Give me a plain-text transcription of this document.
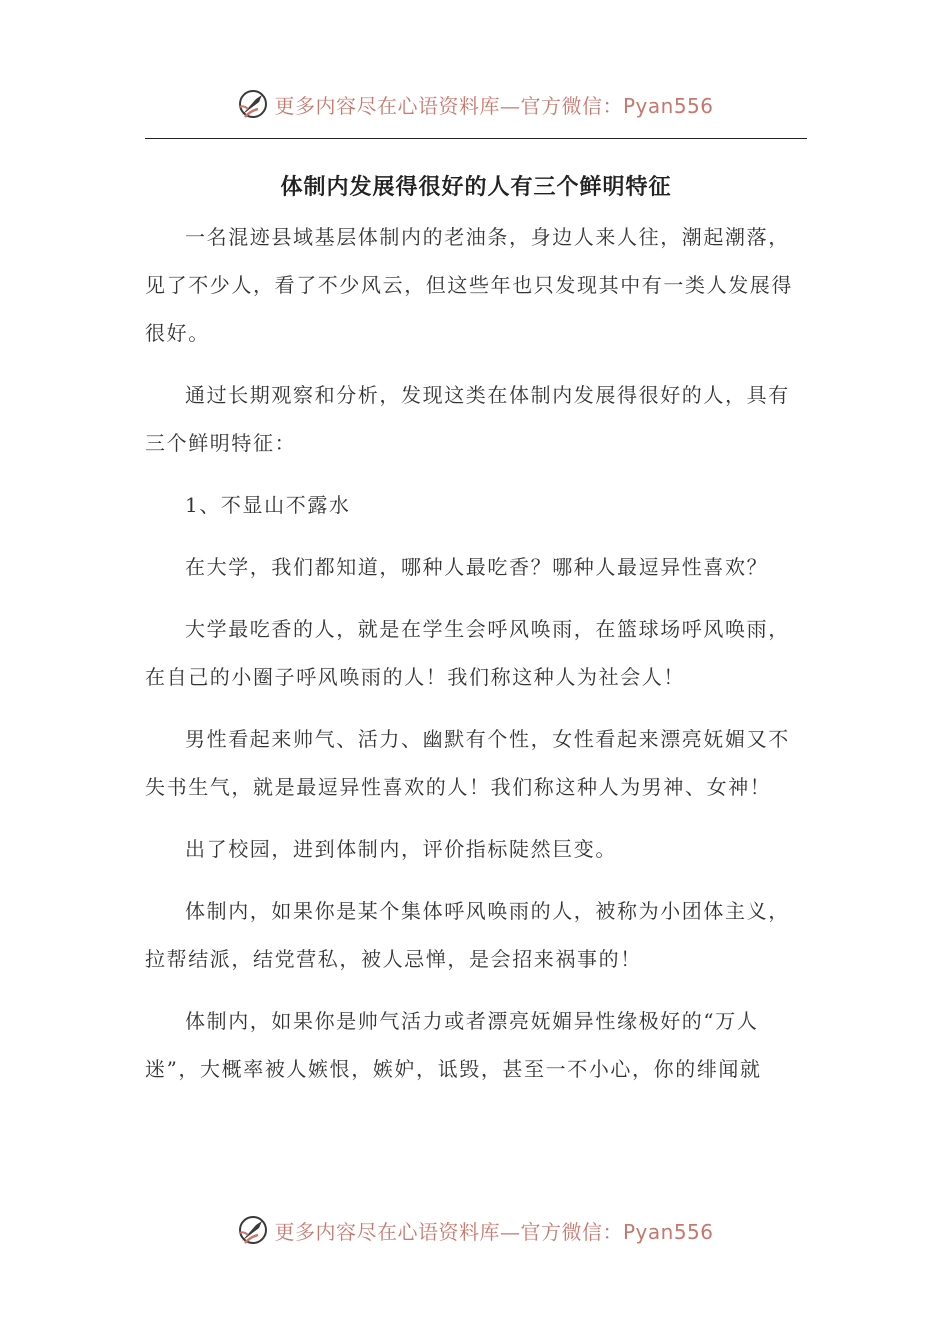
更多内容尽在心语资料库—官方微信：Pyan556
体制内发展得很好的人有三个鲜明特征

一名混迹县域基层体制内的老油条，身边人来人往，潮起潮落，见了不少人，看了不少风云，但这些年也只发现其中有一类人发展得很好。

通过长期观察和分析，发现这类在体制内发展得很好的人，具有三个鲜明特征：

1、不显山不露水

在大学，我们都知道，哪种人最吃香？哪种人最逗异性喜欢？

大学最吃香的人，就是在学生会呼风唤雨，在篮球场呼风唤雨，在自己的小圈子呼风唤雨的人！我们称这种人为社会人！

男性看起来帅气、活力、幽默有个性，女性看起来漂亮妩媚又不失书生气，就是最逗异性喜欢的人！我们称这种人为男神、女神！

出了校园，进到体制内，评价指标陡然巨变。

体制内，如果你是某个集体呼风唤雨的人，被称为小团体主义，拉帮结派，结党营私，被人忌惮，是会招来祸事的！

体制内，如果你是帅气活力或者漂亮妩媚异性缘极好的“万人迷”，大概率被人嫉恨，嫉妒，诋毁，甚至一不小心，你的绯闻就

更多内容尽在心语资料库—官方微信：Pyan556
